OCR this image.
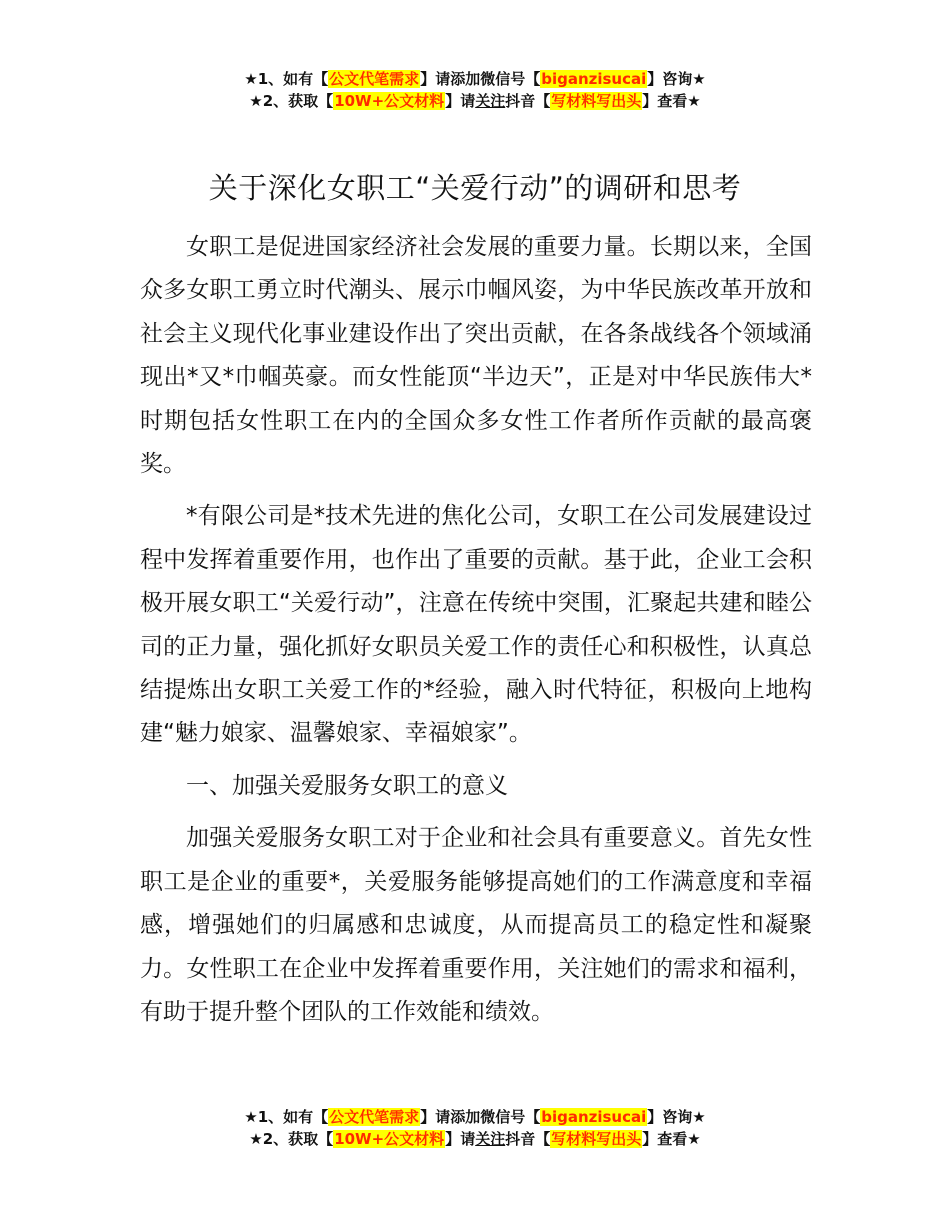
★1、如有【公文代笔需求】请添加微信号【biganzisucai】咨询★
★2、获取【10W+公文材料】请关注抖音【写材料写出头】查看★
关于深化女职工“关爱行动”的调研和思考

女职工是促进国家经济社会发展的重要力量。长期以来，全国众多女职工勇立时代潮头、展示巾帼风姿，为中华民族改革开放和社会主义现代化事业建设作出了突出贡献，在各条战线各个领域涌现出*又*巾帼英豪。而女性能顶“半边天”，正是对中华民族伟大*时期包括女性职工在内的全国众多女性工作者所作贡献的最高褒奖。

*有限公司是*技术先进的焦化公司，女职工在公司发展建设过程中发挥着重要作用，也作出了重要的贡献。基于此，企业工会积极开展女职工“关爱行动”，注意在传统中突围，汇聚起共建和睦公司的正力量，强化抓好女职员关爱工作的责任心和积极性，认真总结提炼出女职工关爱工作的*经验，融入时代特征，积极向上地构建“魅力娘家、温馨娘家、幸福娘家”。

一、加强关爱服务女职工的意义

加强关爱服务女职工对于企业和社会具有重要意义。首先女性职工是企业的重要*，关爱服务能够提高她们的工作满意度和幸福感，增强她们的归属感和忠诚度，从而提高员工的稳定性和凝聚力。女性职工在企业中发挥着重要作用，关注她们的需求和福利，有助于提升整个团队的工作效能和绩效。

★1、如有【公文代笔需求】请添加微信号【biganzisucai】咨询★
★2、获取【10W+公文材料】请关注抖音【写材料写出头】查看★
